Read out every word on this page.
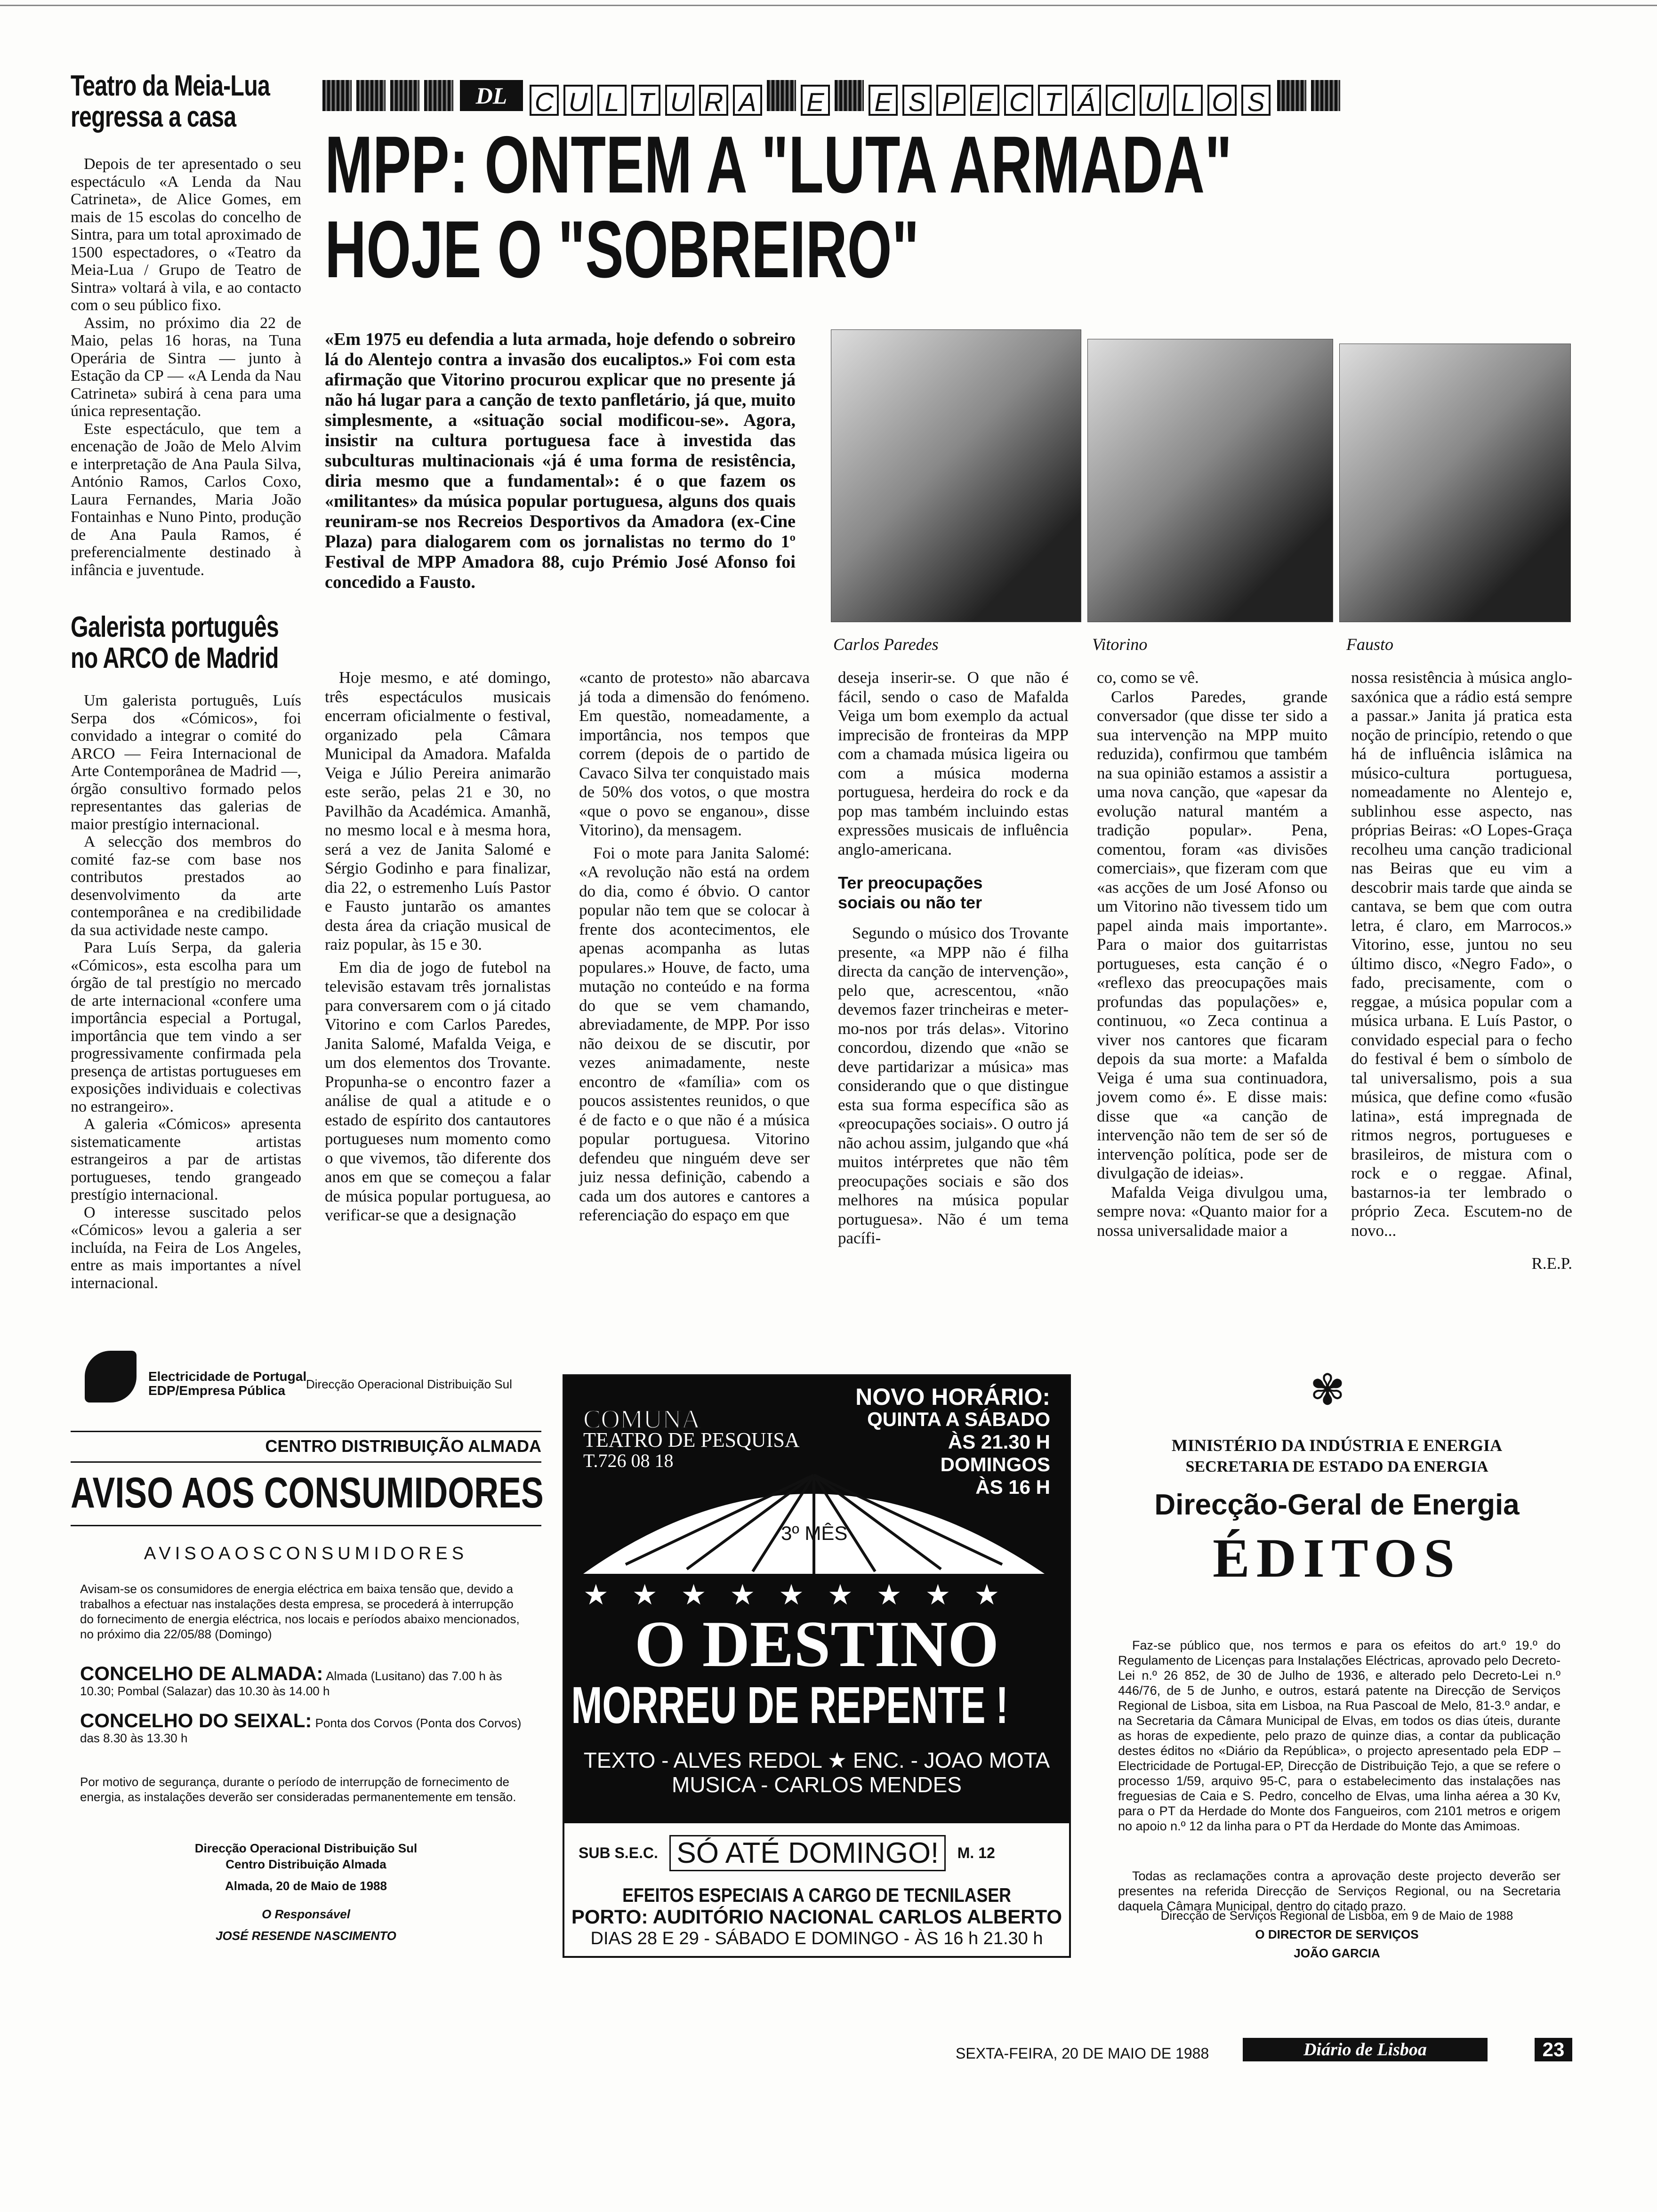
Teatro da Meia-Lua
regressa a casa

Depois de ter apresentado o seu espectáculo «A Lenda da Nau Catrineta», de Alice Gomes, em mais de 15 escolas do concelho de Sintra, para um total aproximado de 1500 espectadores, o «Teatro da Meia-Lua / Grupo de Teatro de Sintra» voltará à vila, e ao contacto com o seu público fixo.

Assim, no próximo dia 22 de Maio, pelas 16 horas, na Tuna Operária de Sintra — junto à Estação da CP — «A Lenda da Nau Catrineta» subirá à cena para uma única representação.

Este espectáculo, que tem a encenação de João de Melo Alvim e interpretação de Ana Paula Silva, António Ramos, Carlos Coxo, Laura Fernandes, Maria João Fontainhas e Nuno Pinto, produção de Ana Paula Ramos, é preferencialmente destinado à infância e juventude.

Galerista português
no ARCO de Madrid

Um galerista português, Luís Serpa dos «Cómicos», foi convidado a integrar o comité do ARCO — Feira Internacional de Arte Contemporânea de Madrid —, órgão consultivo formado pelos representantes das galerias de maior prestígio internacional.

A selecção dos membros do comité faz-se com base nos contributos prestados ao desenvolvimento da arte contemporânea e na credibilidade da sua actividade neste campo.

Para Luís Serpa, da galeria «Cómicos», esta escolha para um órgão de tal prestígio no mercado de arte internacional «confere uma importância especial a Portugal, importância que tem vindo a ser progressivamente confirmada pela presença de artistas portugueses em exposições individuais e colectivas no estrangeiro».

A galeria «Cómicos» apresenta sistematicamente artistas estrangeiros a par de artistas portugueses, tendo grangeado prestígio internacional.

O interesse suscitado pelos «Cómicos» levou a galeria a ser incluída, na Feira de Los Angeles, entre as mais importantes a nível internacional.

DL C U L T U R A E E S P E C T Á C U L O S
MPP: ONTEM A "LUTA ARMADA"
HOJE O "SOBREIRO"
«Em 1975 eu defendia a luta armada, hoje defendo o sobreiro lá do Alentejo contra a invasão dos eucaliptos.» Foi com esta afirmação que Vitorino procurou explicar que no presente já não há lugar para a canção de texto panfletário, já que, muito simplesmente, a «situação social modificou-se». Agora, insistir na cultura portuguesa face à investida das subculturas multinacionais «já é uma forma de resistência, diria mesmo que a fundamental»: é o que fazem os «militantes» da música popular portuguesa, alguns dos quais reuniram-se nos Recreios Desportivos da Amadora (ex-Cine Plaza) para dialogarem com os jornalistas no termo do 1º Festival de MPP Amadora 88, cujo Prémio José Afonso foi concedido a Fausto.
Carlos Paredes	Vitorino	Fausto

Hoje mesmo, e até domingo, três espectáculos musicais encerram oficialmente o festival, organizado pela Câmara Municipal da Amadora. Mafalda Veiga e Júlio Pereira animarão este serão, pelas 21 e 30, no Pavilhão da Académica. Amanhã, no mesmo local e à mesma hora, será a vez de Janita Salomé e Sérgio Godinho e para finalizar, dia 22, o estremenho Luís Pastor e Fausto juntarão os amantes desta área da criação musical de raiz popular, às 15 e 30.

Em dia de jogo de futebol na televisão estavam três jornalistas para conversarem com o já citado Vitorino e com Carlos Paredes, Janita Salomé, Mafalda Veiga, e um dos elementos dos Trovante. Propunha-se o encontro fazer a análise de qual a atitude e o estado de espírito dos cantautores portugueses num momento como o que vivemos, tão diferente dos anos em que se começou a falar de música popular portuguesa, ao verificar-se que a designação

«canto de protesto» não abarcava já toda a dimensão do fenómeno. Em questão, nomeadamente, a importância, nos tempos que correm (depois de o partido de Cavaco Silva ter conquistado mais de 50% dos votos, o que mostra «que o povo se enganou», disse Vitorino), da mensagem.

Foi o mote para Janita Salomé: «A revolução não está na ordem do dia, como é óbvio. O cantor popular não tem que se colocar à frente dos acontecimentos, ele apenas acompanha as lutas populares.» Houve, de facto, uma mutação no conteúdo e na forma do que se vem chamando, abreviadamente, de MPP. Por isso não deixou de se discutir, por vezes animadamente, neste encontro de «família» com os poucos assistentes reunidos, o que é de facto e o que não é a música popular portuguesa. Vitorino defendeu que ninguém deve ser juiz nessa definição, cabendo a cada um dos autores e cantores a referenciação do espaço em que

deseja inserir-se. O que não é fácil, sendo o caso de Mafalda Veiga um bom exemplo da actual imprecisão de fronteiras da MPP com a chamada música ligeira ou com a música moderna portuguesa, herdeira do rock e da pop mas também incluindo estas expressões musicais de influência anglo-americana.

Ter preocupações sociais ou não ter

Segundo o músico dos Trovante presente, «a MPP não é filha directa da canção de intervenção», pelo que, acrescentou, «não devemos fazer trincheiras e meter-mo-nos por trás delas». Vitorino concordou, dizendo que «não se deve partidarizar a música» mas considerando que o que distingue esta sua forma específica são as «preocupações sociais». O outro já não achou assim, julgando que «há muitos intérpretes que não têm preocupações sociais e são dos melhores na música popular portuguesa». Não é um tema pacífi-

co, como se vê.

Carlos Paredes, grande conversador (que disse ter sido a sua intervenção na MPP muito reduzida), confirmou que também na sua opinião estamos a assistir a uma nova canção, que «apesar da evolução natural mantém a tradição popular». Pena, comentou, foram «as divisões comerciais», que fizeram com que «as acções de um José Afonso ou um Vitorino não tivessem tido um papel ainda mais importante». Para o maior dos guitarristas portugueses, esta canção é o «reflexo das preocupações mais profundas das populações» e, continuou, «o Zeca continua a viver nos cantores que ficaram depois da sua morte: a Mafalda Veiga é uma sua continuadora, jovem como é». E disse mais: disse que «a canção de intervenção não tem de ser só de intervenção política, pode ser de divulgação de ideias».

Mafalda Veiga divulgou uma, sempre nova: «Quanto maior for a nossa universalidade maior a

nossa resistência à música anglo-saxónica que a rádio está sempre a passar.» Janita já pratica esta noção de princípio, retendo o que há de influência islâmica na músico-cultura portuguesa, nomeadamente no Alentejo e, sublinhou esse aspecto, nas próprias Beiras: «O Lopes-Graça recolheu uma canção tradicional nas Beiras que eu vim a descobrir mais tarde que ainda se cantava, se bem que com outra letra, é claro, em Marrocos.» Vitorino, esse, juntou no seu último disco, «Negro Fado», o fado, precisamente, com o reggae, a música popular com a música urbana. E Luís Pastor, o convidado especial para o fecho do festival é bem o símbolo de tal universalismo, pois a sua música, que define como «fusão latina», está impregnada de ritmos negros, portugueses e brasileiros, de mistura com o rock e o reggae. Afinal, bastarnos-ia ter lembrado o próprio Zeca. Escutem-no de novo...

R.E.P.
Electricidade de Portugal
EDP/Empresa Pública	Direcção Operacional Distribuição Sul
CENTRO DISTRIBUIÇÃO ALMADA
AVISO AOS CONSUMIDORES
AVISOAOSCONSUMIDORES
Avisam-se os consumidores de energia eléctrica em baixa tensão que, devido a trabalhos a efectuar nas instalações desta empresa, se procederá à interrupção do fornecimento de energia eléctrica, nos locais e períodos abaixo mencionados, no próximo dia 22/05/88 (Domingo)
CONCELHO DE ALMADA: Almada (Lusitano) das 7.00 h às 10.30; Pombal (Salazar) das 10.30 às 14.00 h
CONCELHO DO SEIXAL: Ponta dos Corvos (Ponta dos Corvos) das 8.30 às 13.30 h
Por motivo de segurança, durante o período de interrupção de fornecimento de energia, as instalações deverão ser consideradas permanentemente em tensão.
Direcção Operacional Distribuição Sul
Centro Distribuição Almada
Almada, 20 de Maio de 1988
O Responsável
JOSÉ RESENDE NASCIMENTO
COMUNA
TEATRO DE PESQUISA
T.726 08 18
NOVO HORÁRIO:
QUINTA A SÁBADO
ÀS 21.30 H
DOMINGOS
ÀS 16 H
3º MÊS
★★★★★★★★★
O DESTINO
MORREU DE REPENTE !
TEXTO - ALVES REDOL ★ ENC. - JOAO MOTA
MUSICA - CARLOS MENDES
SUB S.E.C. SÓ ATÉ DOMINGO! M. 12
EFEITOS ESPECIAIS A CARGO DE TECNILASER
PORTO: AUDITÓRIO NACIONAL CARLOS ALBERTO
DIAS 28 E 29 - SÁBADO E DOMINGO - ÀS 16 h 21.30 h
✾
MINISTÉRIO DA INDÚSTRIA E ENERGIA
SECRETARIA DE ESTADO DA ENERGIA
Direcção-Geral de Energia
ÉDITOS
Faz-se público que, nos termos e para os efeitos do art.º 19.º do Regulamento de Licenças para Instalações Eléctricas, aprovado pelo Decreto-Lei n.º 26 852, de 30 de Julho de 1936, e alterado pelo Decreto-Lei n.º 446/76, de 5 de Junho, e outros, estará patente na Direcção de Serviços Regional de Lisboa, sita em Lisboa, na Rua Pascoal de Melo, 81-3.º andar, e na Secretaria da Câmara Municipal de Elvas, em todos os dias úteis, durante as horas de expediente, pelo prazo de quinze dias, a contar da publicação destes éditos no «Diário da República», o projecto apresentado pela EDP – Electricidade de Portugal-EP, Direcção de Distribuição Tejo, a que se refere o processo 1/59, arquivo 95-C, para o estabelecimento das instalações nas freguesias de Caia e S. Pedro, concelho de Elvas, uma linha aérea a 30 Kv, para o PT da Herdade do Monte dos Fangueiros, com 2101 metros e origem no apoio n.º 12 da linha para o PT da Herdade do Monte das Amimoas.
Todas as reclamações contra a aprovação deste projecto deverão ser presentes na referida Direcção de Serviços Regional, ou na Secretaria daquela Câmara Municipal, dentro do citado prazo.
Direcção de Serviços Regional de Lisboa, em 9 de Maio de 1988
O DIRECTOR DE SERVIÇOS
JOÃO GARCIA
SEXTA-FEIRA, 20 DE MAIO DE 1988	Diário de Lisboa	23
